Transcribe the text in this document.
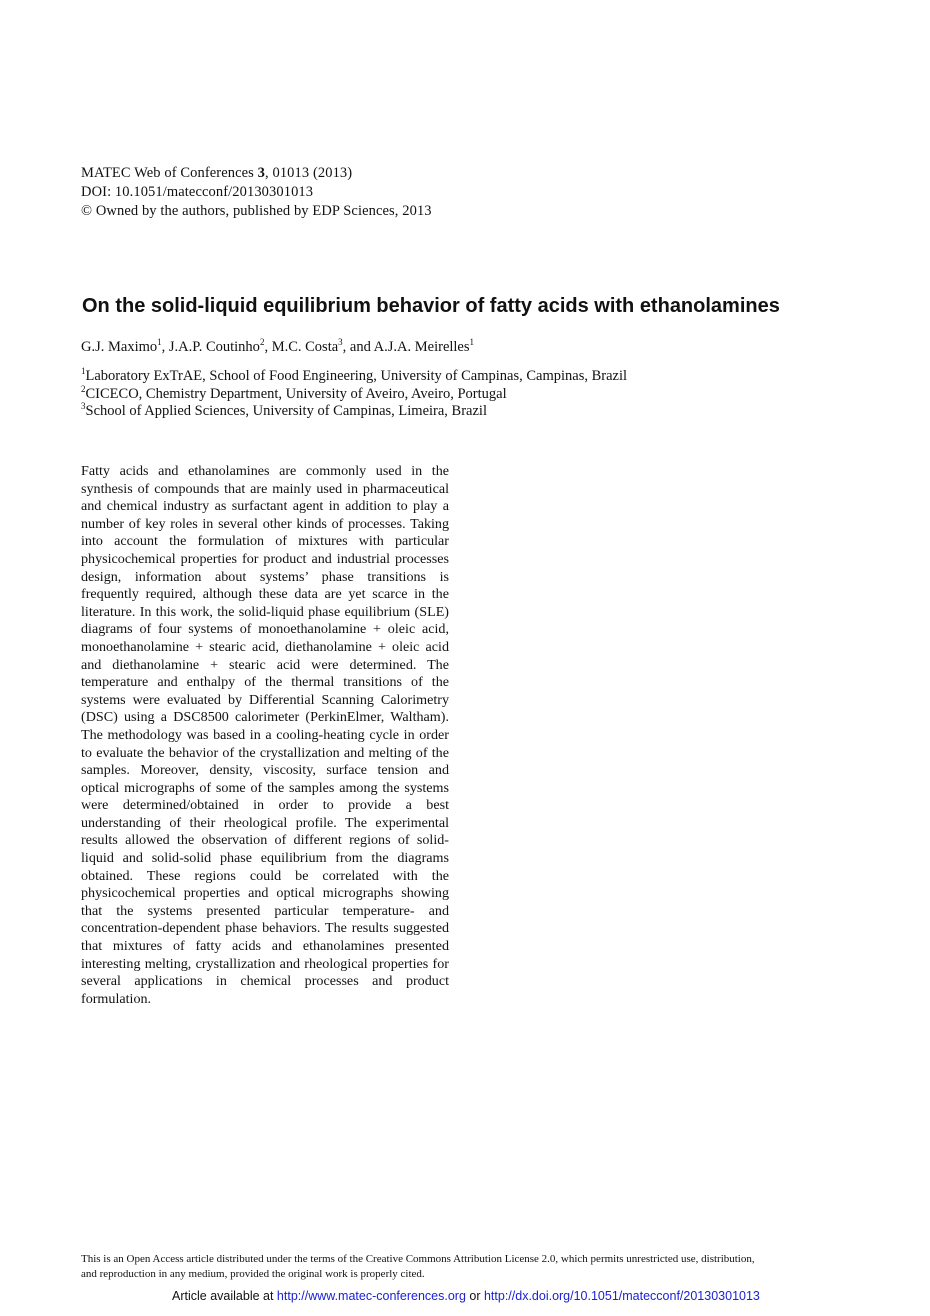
MATEC Web of Conferences 3, 01013 (2013)
DOI: 10.1051/matecconf/20130301013
© Owned by the authors, published by EDP Sciences, 2013
On the solid-liquid equilibrium behavior of fatty acids with ethanolamines
G.J. Maximo$^1$, J.A.P. Coutinho$^2$, M.C. Costa$^3$, and A.J.A. Meirelles$^1$
$^1$Laboratory ExTrAE, School of Food Engineering, University of Campinas, Campinas, Brazil
$^2$CICECO, Chemistry Department, University of Aveiro, Aveiro, Portugal
$^3$School of Applied Sciences, University of Campinas, Limeira, Brazil

Fatty acids and ethanolamines are commonly used in the synthesis of compounds that are mainly used in pharmaceutical and chemical industry as surfactant agent in addition to play a number of key roles in several other kinds of processes. Taking into account the formulation of mixtures with particular physicochemical properties for product and industrial processes design, information about systems’ phase transitions is frequently required, although these data are yet scarce in the literature. In this work, the solid-liquid phase equilibrium (SLE) diagrams of four systems of monoethanolamine + oleic acid, monoethanolamine + stearic acid, diethanolamine + oleic acid and diethanolamine + stearic acid were determined. The temperature and enthalpy of the thermal transitions of the systems were evaluated by Differential Scanning Calorimetry (DSC) using a DSC8500 calorimeter (PerkinElmer, Waltham). The methodology was based in a cooling-heating cycle in order to evaluate the behavior of the crystallization and melting of the samples. Moreover, density, viscosity, surface tension and optical micrographs of some of the samples among the systems were determined/obtained in order to provide a best understanding of their rheological profile. The experimental results allowed the observation of different regions of solid-liquid and solid-solid phase equilibrium from the diagrams obtained. These regions could be correlated with the physicochemical properties and optical micrographs showing that the systems presented particular temperature- and concentration-dependent phase behaviors. The results suggested that mixtures of fatty acids and ethanolamines presented interesting melting, crystallization and rheological properties for several applications in chemical processes and product formulation.

This is an Open Access article distributed under the terms of the Creative Commons Attribution License 2.0, which permits unrestricted use, distribution,
and reproduction in any medium, provided the original work is properly cited.
Article available at http://www.matec-conferences.org or http://dx.doi.org/10.1051/matecconf/20130301013
